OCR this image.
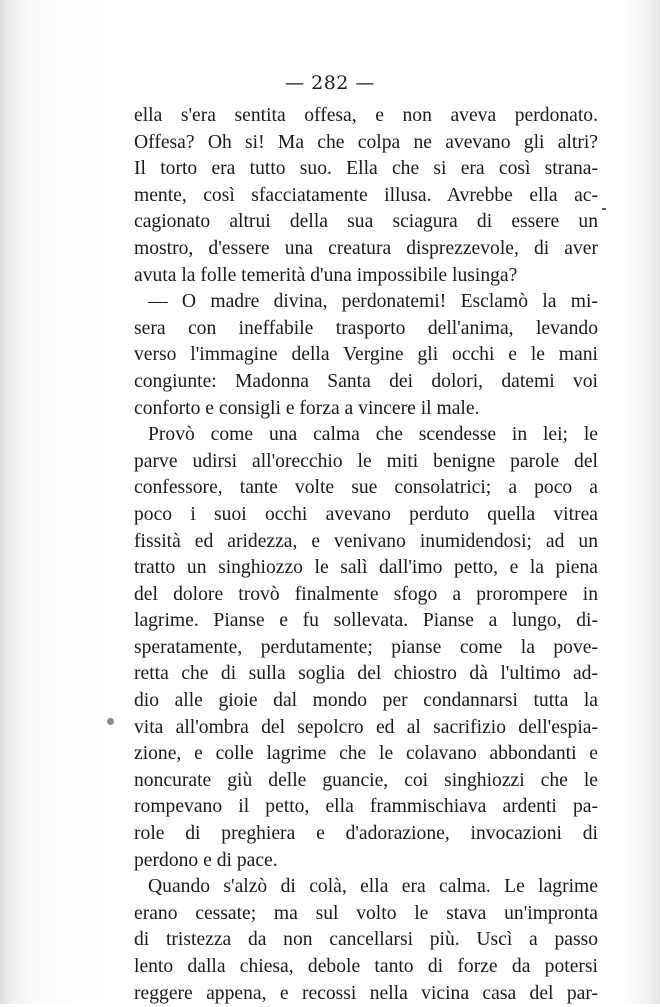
— 282 —
ella s'era sentita offesa, e non aveva perdonato.
Offesa? Oh si! Ma che colpa ne avevano gli altri?
Il torto era tutto suo. Ella che si era così strana-
mente, così sfacciatamente illusa. Avrebbe ella ac-
cagionato altrui della sua sciagura di essere un
mostro, d'essere una creatura disprezzevole, di aver
avuta la folle temerità d'una impossibile lusinga?
— O madre divina, perdonatemi! Esclamò la mi-
sera con ineffabile trasporto dell'anima, levando
verso l'immagine della Vergine gli occhi e le mani
congiunte: Madonna Santa dei dolori, datemi voi
conforto e consigli e forza a vincere il male.
Provò come una calma che scendesse in lei; le
parve udirsi all'orecchio le miti benigne parole del
confessore, tante volte sue consolatrici; a poco a
poco i suoi occhi avevano perduto quella vitrea
fissità ed aridezza, e venivano inumidendosi; ad un
tratto un singhiozzo le salì dall'imo petto, e la piena
del dolore trovò finalmente sfogo a prorompere in
lagrime. Pianse e fu sollevata. Pianse a lungo, di-
speratamente, perdutamente; pianse come la pove-
retta che di sulla soglia del chiostro dà l'ultimo ad-
dio alle gioie dal mondo per condannarsi tutta la
vita all'ombra del sepolcro ed al sacrifizio dell'espia-
zione, e colle lagrime che le colavano abbondanti e
noncurate giù delle guancie, coi singhiozzi che le
rompevano il petto, ella frammischiava ardenti pa-
role di preghiera e d'adorazione, invocazioni di
perdono e di pace.
Quando s'alzò di colà, ella era calma. Le lagrime
erano cessate; ma sul volto le stava un'impronta
di tristezza da non cancellarsi più. Uscì a passo
lento dalla chiesa, debole tanto di forze da potersi
reggere appena, e recossi nella vicina casa del par-
